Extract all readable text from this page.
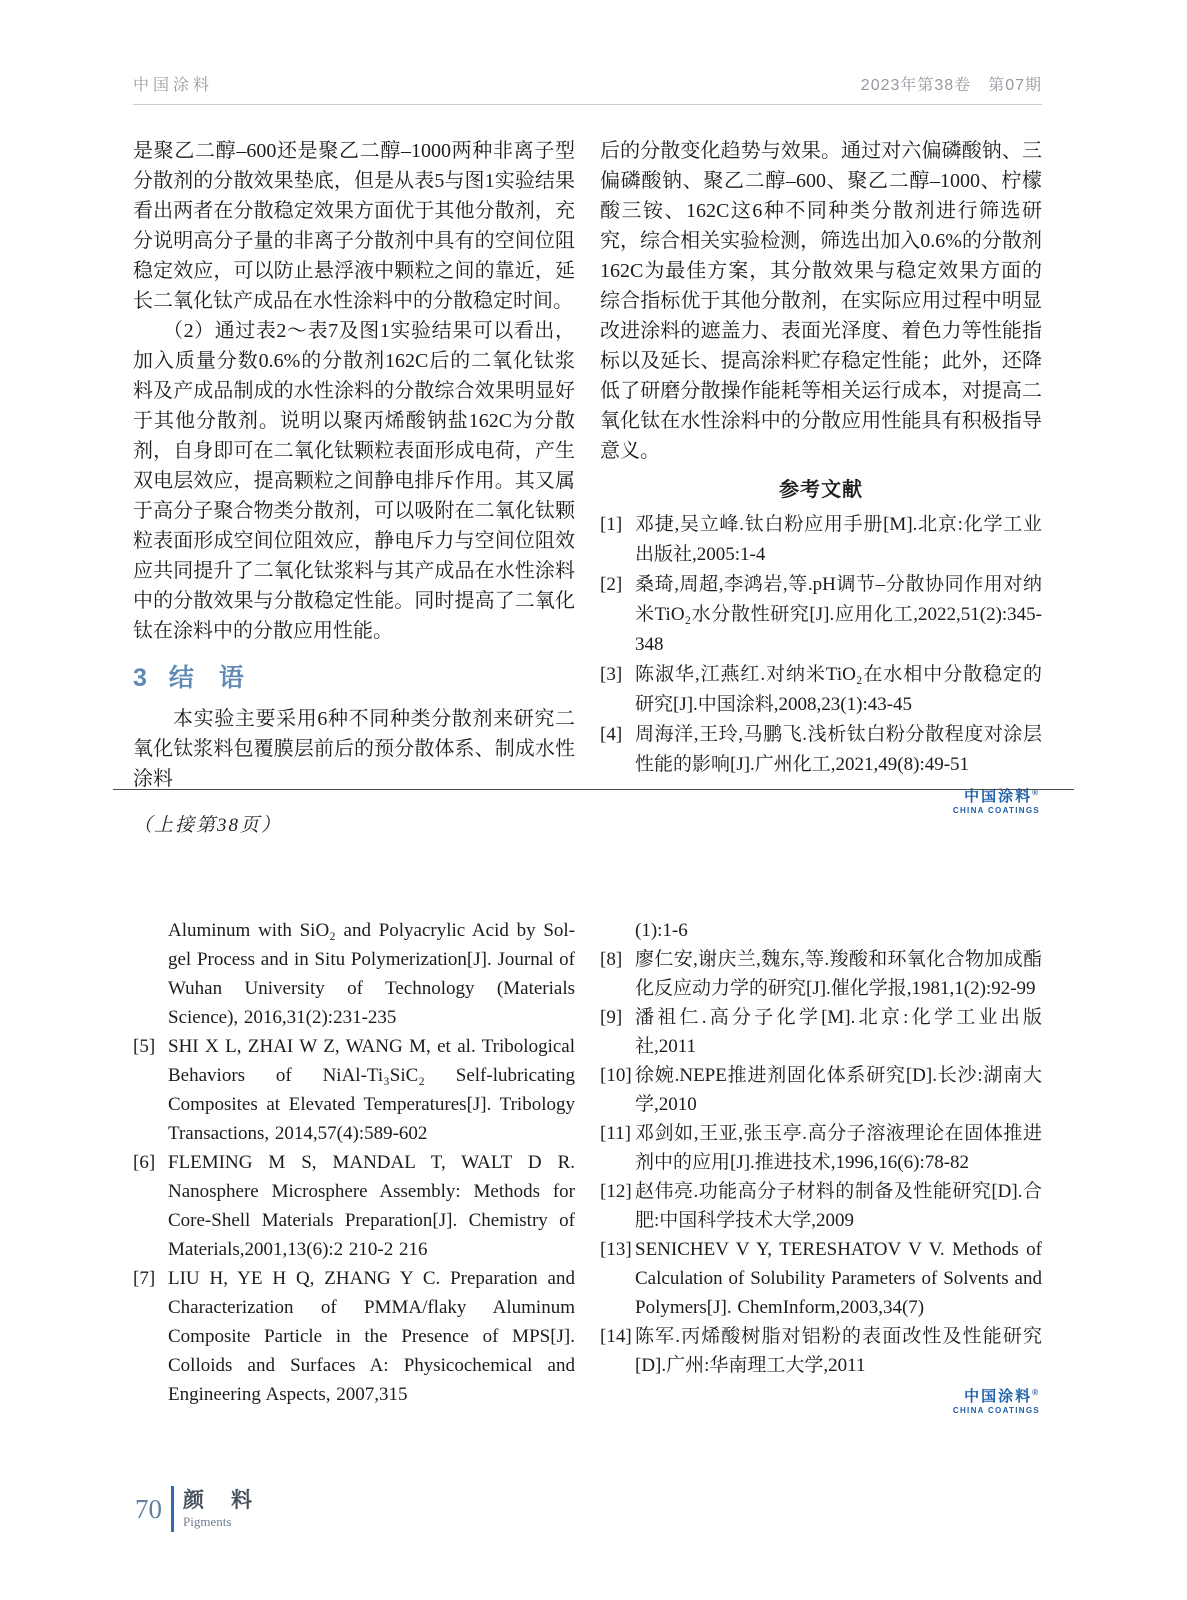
中国涂料	2023年第38卷　第07期

是聚乙二醇–600还是聚乙二醇–1000两种非离子型分散剂的分散效果垫底，但是从表5与图1实验结果看出两者在分散稳定效果方面优于其他分散剂，充分说明高分子量的非离子分散剂中具有的空间位阻稳定效应，可以防止悬浮液中颗粒之间的靠近，延长二氧化钛产成品在水性涂料中的分散稳定时间。

（2）通过表2～表7及图1实验结果可以看出，加入质量分数0.6%的分散剂162C后的二氧化钛浆料及产成品制成的水性涂料的分散综合效果明显好于其他分散剂。说明以聚丙烯酸钠盐162C为分散剂，自身即可在二氧化钛颗粒表面形成电荷，产生双电层效应，提高颗粒之间静电排斥作用。其又属于高分子聚合物类分散剂，可以吸附在二氧化钛颗粒表面形成空间位阻效应，静电斥力与空间位阻效应共同提升了二氧化钛浆料与其产成品在水性涂料中的分散效果与分散稳定性能。同时提高了二氧化钛在涂料中的分散应用性能。

3 结　语

本实验主要采用6种不同种类分散剂来研究二氧化钛浆料包覆膜层前后的预分散体系、制成水性涂料

后的分散变化趋势与效果。通过对六偏磷酸钠、三偏磷酸钠、聚乙二醇–600、聚乙二醇–1000、柠檬酸三铵、162C这6种不同种类分散剂进行筛选研究，综合相关实验检测，筛选出加入0.6%的分散剂162C为最佳方案，其分散效果与稳定效果方面的综合指标优于其他分散剂，在实际应用过程中明显改进涂料的遮盖力、表面光泽度、着色力等性能指标以及延长、提高涂料贮存稳定性能；此外，还降低了研磨分散操作能耗等相关运行成本，对提高二氧化钛在水性涂料中的分散应用性能具有积极指导意义。

参考文献

[1] 邓捷,吴立峰.钛白粉应用手册[M].北京:化学工业出版社,2005:1-4

[2] 桑琦,周超,李鸿岩,等.pH调节–分散协同作用对纳米TiO₂水分散性研究[J].应用化工,2022,51(2):345-348

[3] 陈淑华,江燕红.对纳米TiO₂在水相中分散稳定的研究[J].中国涂料,2008,23(1):43-45

[4] 周海洋,王玲,马鹏飞.浅析钛白粉分散程度对涂层性能的影响[J].广州化工,2021,49(8):49-51

中国涂料®
CHINA COATINGS
（上接第38页）

Aluminum with SiO₂ and Polyacrylic Acid by Sol-gel Process and in Situ Polymerization[J]. Journal of Wuhan University of Technology (Materials Science), 2016,31(2):231-235

[5] SHI X L, ZHAI W Z, WANG M, et al. Tribological Behaviors of NiAl-Ti₃SiC₂ Self-lubricating Composites at Elevated Temperatures[J]. Tribology Transactions, 2014,57(4):589-602

[6] FLEMING M S, MANDAL T, WALT D R. Nanosphere Microsphere Assembly: Methods for Core-Shell Materials Preparation[J]. Chemistry of Materials,2001,13(6):2 210-2 216

[7] LIU H, YE H Q, ZHANG Y C. Preparation and Characterization of PMMA/flaky Aluminum Composite Particle in the Presence of MPS[J]. Colloids and Surfaces A: Physicochemical and Engineering Aspects, 2007,315

(1):1-6

[8] 廖仁安,谢庆兰,魏东,等.羧酸和环氧化合物加成酯化反应动力学的研究[J].催化学报,1981,1(2):92-99

[9] 潘祖仁.高分子化学[M].北京:化学工业出版社,2011

[10] 徐婉.NEPE推进剂固化体系研究[D].长沙:湖南大学,2010

[11] 邓剑如,王亚,张玉亭.高分子溶液理论在固体推进剂中的应用[J].推进技术,1996,16(6):78-82

[12] 赵伟亮.功能高分子材料的制备及性能研究[D].合肥:中国科学技术大学,2009

[13] SENICHEV V Y, TERESHATOV V V. Methods of Calculation of Solubility Parameters of Solvents and Polymers[J]. ChemInform,2003,34(7)

[14] 陈军.丙烯酸树脂对铝粉的表面改性及性能研究[D].广州:华南理工大学,2011

中国涂料®
CHINA COATINGS
70 颜　料
Pigments
